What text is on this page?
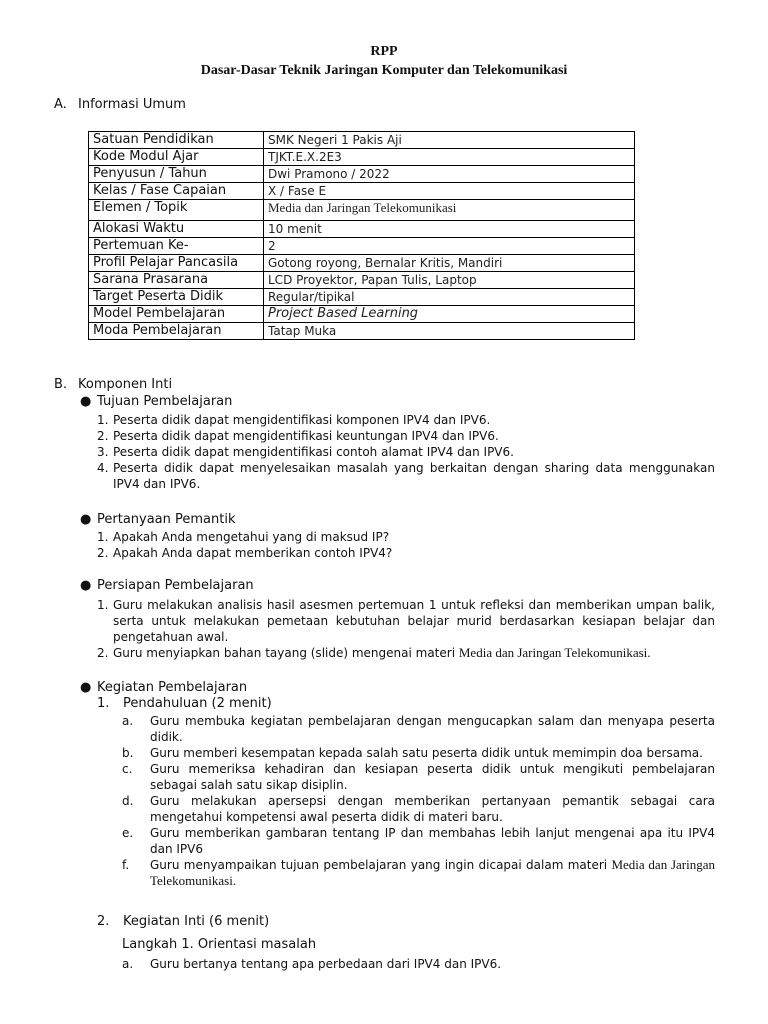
RPP
Dasar-Dasar Teknik Jaringan Komputer dan Telekomunikasi
A. Informasi Umum
Satuan Pendidikan	SMK Negeri 1 Pakis Aji
Kode Modul Ajar	TJKT.E.X.2E3
Penyusun / Tahun	Dwi Pramono / 2022
Kelas / Fase Capaian	X / Fase E
Elemen / Topik	Media dan Jaringan Telekomunikasi
Alokasi Waktu	10 menit
Pertemuan Ke-	2
Profil Pelajar Pancasila	Gotong royong, Bernalar Kritis, Mandiri
Sarana Prasarana	LCD Proyektor, Papan Tulis, Laptop
Target Peserta Didik	Regular/tipikal
Model Pembelajaran	Project Based Learning
Moda Pembelajaran	Tatap Muka
B. Komponen Inti
● Tujuan Pembelajaran
1. Peserta didik dapat mengidentifikasi komponen IPV4 dan IPV6.
2. Peserta didik dapat mengidentifikasi keuntungan IPV4 dan IPV6.
3. Peserta didik dapat mengidentifikasi contoh alamat IPV4 dan IPV6.
4. Peserta didik dapat menyelesaikan masalah yang berkaitan dengan sharing data menggunakan IPV4 dan IPV6.
● Pertanyaan Pemantik
1. Apakah Anda mengetahui yang di maksud IP?
2. Apakah Anda dapat memberikan contoh IPV4?
● Persiapan Pembelajaran
1. Guru melakukan analisis hasil asesmen pertemuan 1 untuk refleksi dan memberikan umpan balik, serta untuk melakukan pemetaan kebutuhan belajar murid berdasarkan kesiapan belajar dan pengetahuan awal.
2. Guru menyiapkan bahan tayang (slide) mengenai materi Media dan Jaringan Telekomunikasi.
● Kegiatan Pembelajaran
1. Pendahuluan (2 menit)
a.	Guru membuka kegiatan pembelajaran dengan mengucapkan salam dan menyapa peserta didik.
b.	Guru memberi kesempatan kepada salah satu peserta didik untuk memimpin doa bersama.
c.	Guru memeriksa kehadiran dan kesiapan peserta didik untuk mengikuti pembelajaran sebagai salah satu sikap disiplin.
d.	Guru melakukan apersepsi dengan memberikan pertanyaan pemantik sebagai cara mengetahui kompetensi awal peserta didik di materi baru.
e.	Guru memberikan gambaran tentang IP dan membahas lebih lanjut mengenai apa itu IPV4 dan IPV6
f.	Guru menyampaikan tujuan pembelajaran yang ingin dicapai dalam materi Media dan Jaringan Telekomunikasi.
2. Kegiatan Inti (6 menit)
Langkah 1. Orientasi masalah
a.	Guru bertanya tentang apa perbedaan dari IPV4 dan IPV6.
